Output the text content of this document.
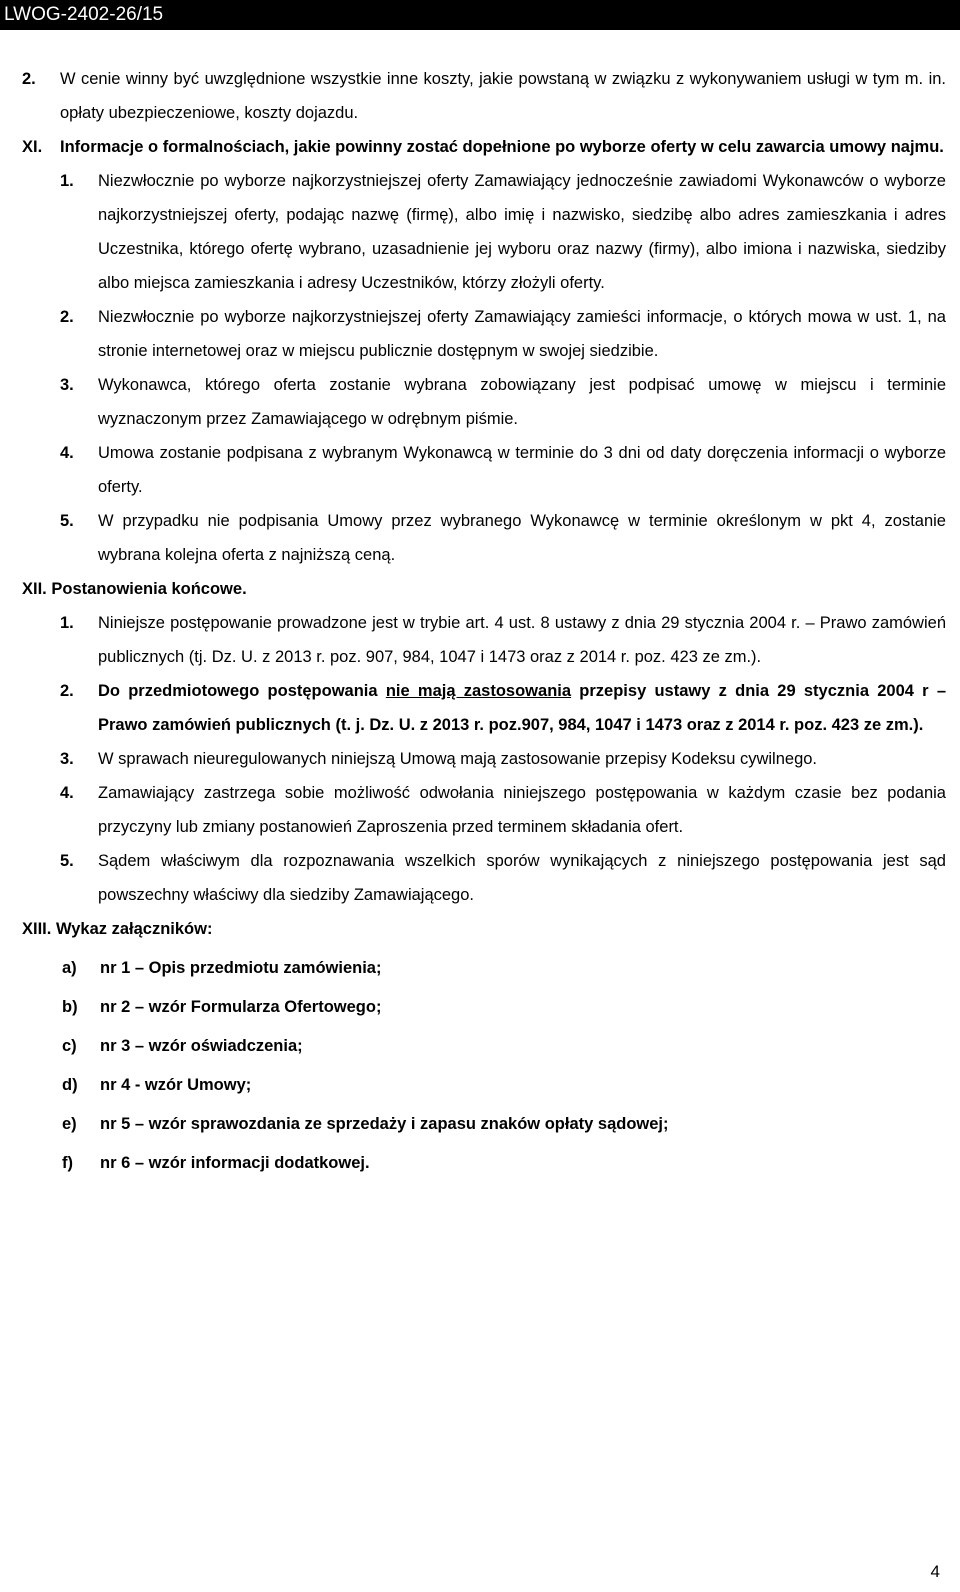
LWOG-2402-26/15
2. W cenie winny być uwzględnione wszystkie inne koszty, jakie powstaną w związku z wykonywaniem usługi w tym m. in. opłaty ubezpieczeniowe, koszty dojazdu.
XI. Informacje o formalnościach, jakie powinny zostać dopełnione po wyborze oferty w celu zawarcia umowy najmu.
1. Niezwłocznie po wyborze najkorzystniejszej oferty Zamawiający jednocześnie zawiadomi Wykonawców o wyborze najkorzystniejszej oferty, podając nazwę (firmę), albo imię i nazwisko, siedzibę albo adres zamieszkania i adres Uczestnika, którego ofertę wybrano, uzasadnienie jej wyboru oraz nazwy (firmy), albo imiona i nazwiska, siedziby albo miejsca zamieszkania i adresy Uczestników, którzy złożyli oferty.
2. Niezwłocznie po wyborze najkorzystniejszej oferty Zamawiający zamieści informacje, o których mowa w ust. 1, na stronie internetowej oraz w miejscu publicznie dostępnym w swojej siedzibie.
3. Wykonawca, którego oferta zostanie wybrana zobowiązany jest podpisać umowę w miejscu i terminie wyznaczonym przez Zamawiającego w odrębnym piśmie.
4. Umowa zostanie podpisana z wybranym Wykonawcą w terminie do 3 dni od daty doręczenia informacji o wyborze oferty.
5. W przypadku nie podpisania Umowy przez wybranego Wykonawcę w terminie określonym w pkt 4, zostanie wybrana kolejna oferta z najniższą ceną.
XII. Postanowienia końcowe.
1. Niniejsze postępowanie prowadzone jest w trybie art. 4 ust. 8 ustawy z dnia 29 stycznia 2004 r. – Prawo zamówień publicznych (tj. Dz. U. z 2013 r. poz. 907, 984, 1047 i 1473 oraz z 2014 r. poz. 423 ze zm.).
2. Do przedmiotowego postępowania nie mają zastosowania przepisy ustawy z dnia 29 stycznia 2004 r – Prawo zamówień publicznych (t. j. Dz. U. z 2013 r. poz.907, 984, 1047 i 1473 oraz z 2014 r. poz. 423 ze zm.).
3. W sprawach nieuregulowanych niniejszą Umową mają zastosowanie przepisy Kodeksu cywilnego.
4. Zamawiający zastrzega sobie możliwość odwołania niniejszego postępowania w każdym czasie bez podania przyczyny lub zmiany postanowień Zaproszenia przed terminem składania ofert.
5. Sądem właściwym dla rozpoznawania wszelkich sporów wynikających z niniejszego postępowania jest sąd powszechny właściwy dla siedziby Zamawiającego.
XIII. Wykaz załączników:
a) nr 1 – Opis przedmiotu zamówienia;
b) nr 2 – wzór Formularza Ofertowego;
c) nr 3 – wzór oświadczenia;
d) nr 4 - wzór Umowy;
e) nr 5 – wzór sprawozdania ze sprzedaży i zapasu znaków opłaty sądowej;
f) nr 6 – wzór informacji dodatkowej.
4
